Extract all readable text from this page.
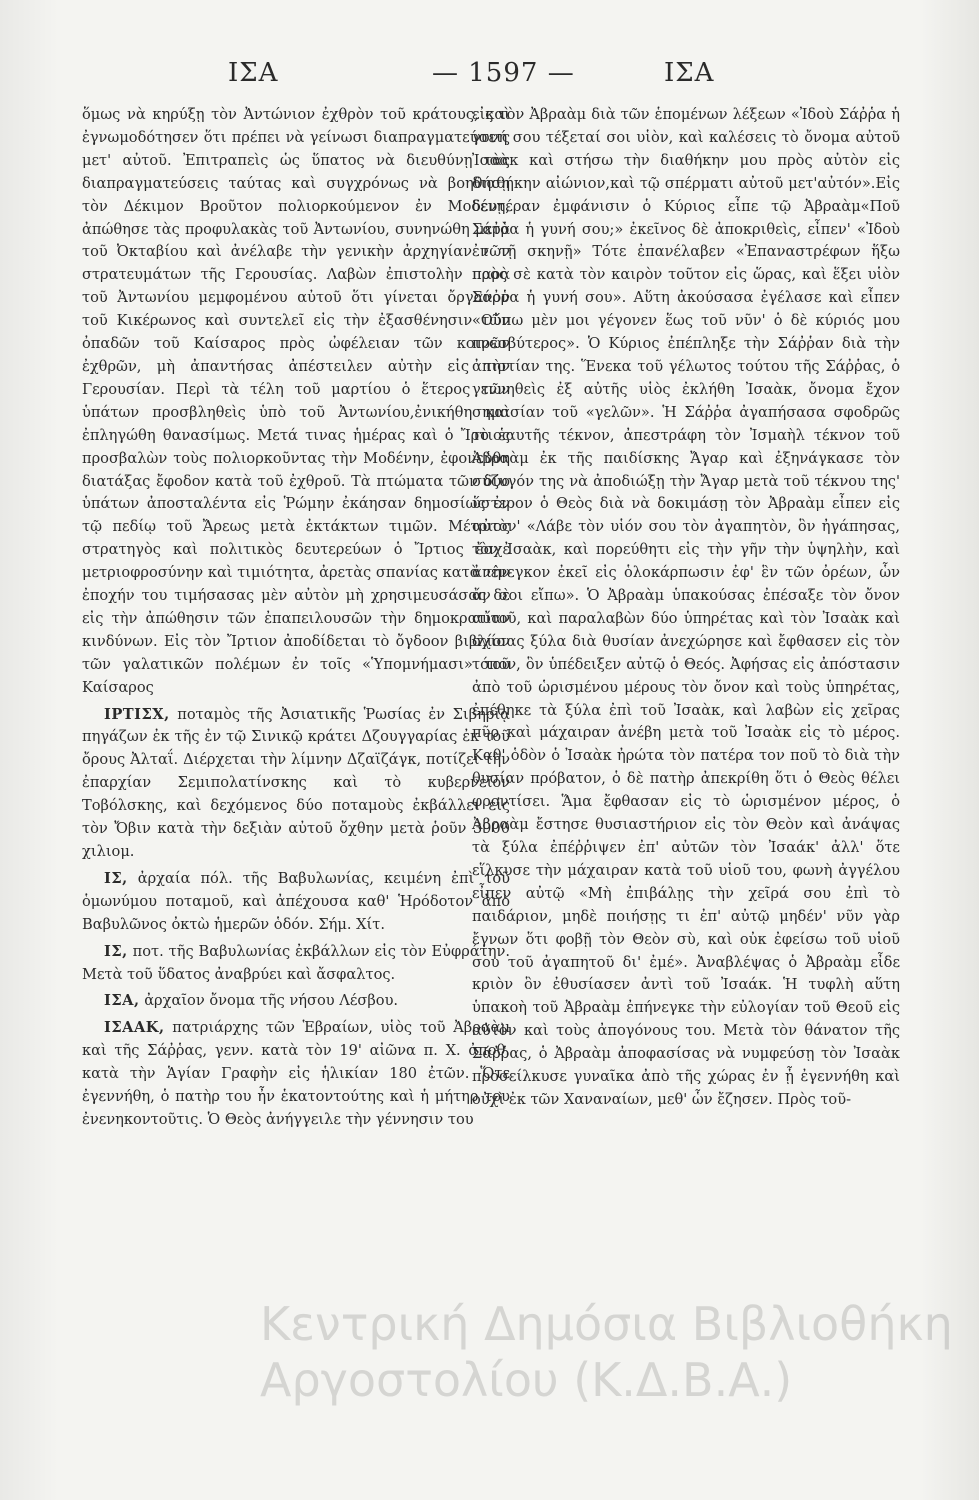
ΙΣΑ	— 1597 —	ΙΣΑ

ὅμως νὰ κηρύξῃ τὸν Ἀντώνιον ἐχθρὸν τοῦ κράτους, καὶ ἐγνωμοδότησεν ὅτι πρέπει νὰ γείνωσι διαπραγματεύσεις μετ' αὐτοῦ. Ἐπιτραπεὶς ὡς ὕπατος νὰ διευθύνῃ τὰς διαπραγματεύσεις ταύτας καὶ συγχρόνως νὰ βοηθήσῃ τὸν Δέκιμον Βροῦτον πολιορκούμενον ἐν Μοδένῃ, ἀπώθησε τὰς προφυλακὰς τοῦ Ἀντωνίου, συνηνώθη μετὰ τοῦ Ὀκταβίου καὶ ἀνέλαβε τὴν γενικὴν ἀρχηγίαν τῶν στρατευμάτων τῆς Γερουσίας. Λαβὼν ἐπιστολὴν παρὰ τοῦ Ἀντωνίου μεμφομένου αὐτοῦ ὅτι γίνεται ὄργανον τοῦ Κικέρωνος καὶ συντελεῖ εἰς τὴν ἐξασθένησιν τῶν ὀπαδῶν τοῦ Καίσαρος πρὸς ὠφέλειαν τῶν κοινῶν ἐχθρῶν, μὴ ἀπαντήσας ἀπέστειλεν αὐτὴν εἰς τὴν Γερουσίαν. Περὶ τὰ τέλη τοῦ μαρτίου ὁ ἕτερος τῶν ὑπάτων προσβληθεὶς ὑπὸ τοῦ Ἀντωνίου,ἐνικήθη καὶ ἐπληγώθη θανασίμως. Μετά τινας ἡμέρας καὶ ὁ Ἴρτιος προσβαλὼν τοὺς πολιορκοῦντας τὴν Μοδένην, ἐφονεύθη διατάξας ἔφοδον κατὰ τοῦ ἐχθροῦ. Τὰ πτώματα τῶν δύο ὑπάτων ἀποσταλέντα εἰς Ῥώμην ἐκάησαν δημοσίως ἐν τῷ πεδίῳ τοῦ Ἄρεως μετὰ ἐκτάκτων τιμῶν. Μέτριος στρατηγὸς καὶ πολιτικὸς δευτερεύων ὁ Ἴρτιος ἔσχε μετριοφροσύνην καὶ τιμιότητα, ἀρετὰς σπανίας κατὰ τὴν ἐποχήν του τιμήσασας μὲν αὐτὸν μὴ χρησιμευσάσας δὲ εἰς τὴν ἀπώθησιν τῶν ἐπαπειλουσῶν τὴν δημοκρατίαν κινδύνων. Εἰς τὸν Ἴρτιον ἀποδίδεται τὸ ὄγδοον βιβλίον τῶν γαλατικῶν πολέμων ἐν τοῖς «Ὑπομνήμασι» τοῦ Καίσαρος

ΙΡΤΙΣΧ, ποταμὸς τῆς Ἀσιατικῆς Ῥωσίας ἐν Σιβηρίᾳ πηγάζων ἐκ τῆς ἐν τῷ Σινικῷ κράτει Δζουγγαρίας ἐκ τοῦ ὄρους Ἀλταΐ. Διέρχεται τὴν λίμνην Δζαϊζάγκ, ποτίζει τὴν ἐπαρχίαν Σεμιπολατίνσκης καὶ τὸ κυβερνεῖον Τοβόλσκης, καὶ δεχόμενος δύο ποταμοὺς ἐκβάλλει εἰς τὸν Ὄβιν κατὰ τὴν δεξιὰν αὐτοῦ ὄχθην μετὰ ῥοῦν 3900 χιλιομ.

ΙΣ, ἀρχαία πόλ. τῆς Βαβυλωνίας, κειμένη ἐπὶ τοῦ ὁμωνύμου ποταμοῦ, καὶ ἀπέχουσα καθ' Ἡρόδοτον ἀπὸ Βαβυλῶνος ὀκτὼ ἡμερῶν ὁδόν. Σήμ. Χίτ.

ΙΣ, ποτ. τῆς Βαβυλωνίας ἐκβάλλων εἰς τὸν Εὐφράτην. Μετὰ τοῦ ὕδατος ἀναβρύει καὶ ἄσφαλτος.

ΙΣΑ, ἀρχαῖον ὄνομα τῆς νήσου Λέσβου.

ΙΣΑΑΚ, πατριάρχης τῶν Ἑβραίων, υἱὸς τοῦ Ἀβραὰμ καὶ τῆς Σάῤῥας, γενν. κατὰ τὸν 19' αἰῶνα π. Χ. ἀποθ. κατὰ τὴν Ἁγίαν Γραφὴν εἰς ἡλικίαν 180 ἐτῶν. Ὅτε ἐγεννήθη, ὁ πατὴρ του ἦν ἑκατοντούτης καὶ ἡ μήτηρ του ἐνενηκοντοῦτις. Ὁ Θεὸς ἀνήγγειλε τὴν γέννησιν του

εἰς τὸν Ἀβραὰμ διὰ τῶν ἑπομένων λέξεων «Ἰδοὺ Σάῤῥα ἡ γυνή σου τέξεταί σοι υἱὸν, καὶ καλέσεις τὸ ὄνομα αὐτοῦ Ἰσαὰκ καὶ στήσω τὴν διαθήκην μου πρὸς αὐτὸν εἰς διαθήκην αἰώνιον,καὶ τῷ σπέρματι αὐτοῦ μετ'αὐτόν».Εἰς δευτέραν ἐμφάνισιν ὁ Κύριος εἶπε τῷ Ἀβραὰμ«Ποῦ Σάῤῥα ἡ γυνή σου;» ἐκεῖνος δὲ ἀποκριθεὶς, εἶπεν' «Ἰδοὺ ἐν τῇ σκηνῇ» Τότε ἐπανέλαβεν «Ἐπαναστρέφων ἥξω πρὸς σὲ κατὰ τὸν καιρὸν τοῦτον εἰς ὥρας, καὶ ἕξει υἱὸν Σάῤῥα ἡ γυνή σου». Αὕτη ἀκούσασα ἐγέλασε καὶ εἶπεν «Οὔπω μὲν μοι γέγονεν ἕως τοῦ νῦν' ὁ δὲ κύριός μου πρεσβύτερος». Ὁ Κύριος ἐπέπληξε τὴν Σάῤῥαν διὰ τὴν ἀπιστίαν της. Ἕνεκα τοῦ γέλωτος τούτου τῆς Σάῤῥας, ὁ γεννηθεὶς ἐξ αὐτῆς υἱὸς ἐκλήθη Ἰσαὰκ, ὄνομα ἔχον σημασίαν τοῦ «γελῶν». Ἡ Σάῤῥα ἀγαπήσασα σφοδρῶς τὸ ἑαυτῆς τέκνον, ἀπεστράφη τὸν Ἰσμαὴλ τέκνον τοῦ Ἀβραὰμ ἐκ τῆς παιδίσκης Ἄγαρ καὶ ἐξηνάγκασε τὸν σύζυγόν της νὰ ἀποδιώξῃ τὴν Ἄγαρ μετὰ τοῦ τέκνου της' ὕστερον ὁ Θεὸς διὰ νὰ δοκιμάσῃ τὸν Ἀβραὰμ εἶπεν εἰς αὐτὸν' «Λάβε τὸν υἱόν σου τὸν ἀγαπητὸν, ὃν ἠγάπησας, τὸν Ἰσαὰκ, καὶ πορεύθητι εἰς τὴν γῆν τὴν ὑψηλὴν, καὶ ἀνένεγκον ἐκεῖ εἰς ὁλοκάρπωσιν ἐφ' ἓν τῶν ὀρέων, ὧν ἄν σοι εἴπω». Ὁ Ἀβραὰμ ὑπακούσας ἐπέσαξε τὸν ὄνον αὐτοῦ, καὶ παραλαβὼν δύο ὑπηρέτας καὶ τὸν Ἰσαὰκ καὶ σχίσας ξύλα διὰ θυσίαν ἀνεχώρησε καὶ ἔφθασεν εἰς τὸν τόπον, ὃν ὑπέδειξεν αὐτῷ ὁ Θεός. Ἀφήσας εἰς ἀπόστασιν ἀπὸ τοῦ ὡρισμένου μέρους τὸν ὄνον καὶ τοὺς ὑπηρέτας, ἐπέθηκε τὰ ξύλα ἐπὶ τοῦ Ἰσαὰκ, καὶ λαβὼν εἰς χεῖρας πῦρ καὶ μάχαιραν ἀνέβη μετὰ τοῦ Ἰσαὰκ εἰς τὸ μέρος. Καθ' ὁδὸν ὁ Ἰσαὰκ ἠρώτα τὸν πατέρα τον ποῦ τὸ διὰ τὴν θυσίαν πρόβατον, ὁ δὲ πατὴρ ἀπεκρίθη ὅτι ὁ Θεὸς θέλει φροντίσει. Ἅμα ἔφθασαν εἰς τὸ ὡρισμένον μέρος, ὁ Ἀβραὰμ ἔστησε θυσιαστήριον εἰς τὸν Θεὸν καὶ ἀνάψας τὰ ξύλα ἐπέῤῥιψεν ἐπ' αὐτῶν τὸν Ἰσαάκ' ἀλλ' ὅτε εἵλκυσε τὴν μάχαιραν κατὰ τοῦ υἱοῦ του, φωνὴ ἀγγέλου εἶπεν αὐτῷ «Μὴ ἐπιβάλῃς τὴν χεῖρά σου ἐπὶ τὸ παιδάριον, μηδὲ ποιήσῃς τι ἐπ' αὐτῷ μηδέν' νῦν γὰρ ἔγνων ὅτι φοβῇ τὸν Θεὸν σὺ, καὶ οὐκ ἐφείσω τοῦ υἱοῦ σου τοῦ ἀγαπητοῦ δι' ἐμέ». Ἀναβλέψας ὁ Ἀβραὰμ εἶδε κριὸν ὃν ἐθυσίασεν ἀντὶ τοῦ Ἰσαάκ. Ἡ τυφλὴ αὕτη ὑπακοὴ τοῦ Ἀβραὰμ ἐπήνεγκε τὴν εὐλογίαν τοῦ Θεοῦ εἰς αὐτὸν καὶ τοὺς ἀπογόνους του. Μετὰ τὸν θάνατον τῆς Σάῤῥας, ὁ Ἀβραὰμ ἀποφασίσας νὰ νυμφεύσῃ τὸν Ἰσαὰκ προσείλκυσε γυναῖκα ἀπὸ τῆς χώρας ἐν ᾗ ἐγεννήθη καὶ οὐχὶ ἐκ τῶν Χαναναίων, μεθ' ὧν ἔζησεν. Πρὸς τοῦ-

Κεντρική Δημόσια Βιβλιοθήκη
Αργοστολίου (Κ.Δ.Β.Α.)
